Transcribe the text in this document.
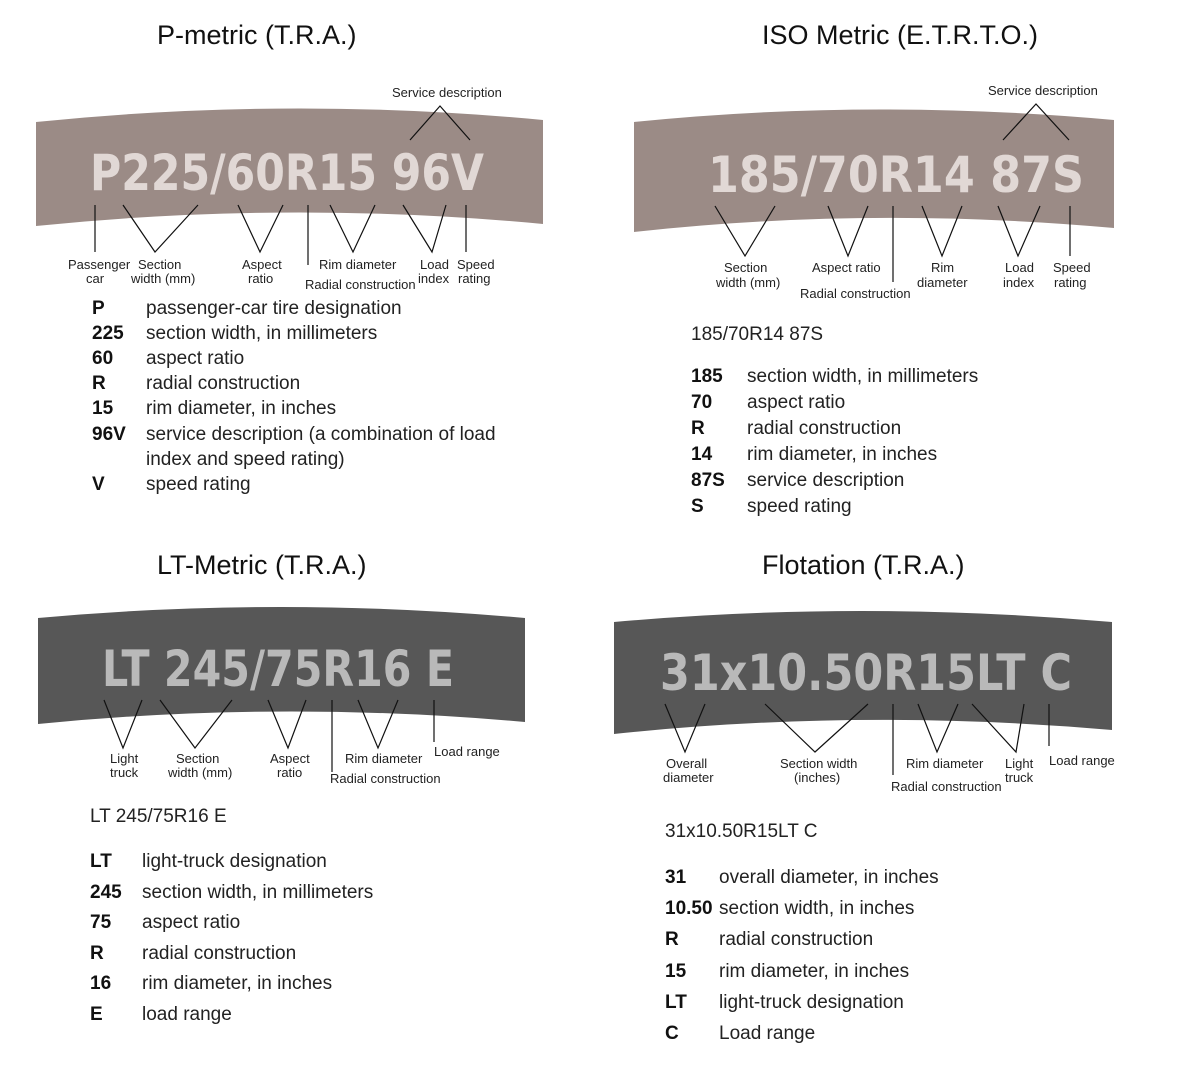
P-metric (T.R.A.)	ISO Metric (E.T.R.T.O.)
LT-Metric (T.R.A.)	Flotation (T.R.A.)
P225/60R15 96V
Service description
Passenger
car
Section
width (mm)
Aspect
ratio
Rim diameter
Radial construction
Load
index
Speed
rating
185/70R14 87S
Service description
Section
width (mm)
Aspect ratio
Radial construction
Rim
diameter
Load
index
Speed
rating
LT 245/75R16 E
Light
truck
Section
width (mm)
Aspect
ratio
Rim diameter
Radial construction
Load range
31x10.50R15LT C
Overall
diameter
Section width
(inches)
Rim diameter
Radial construction
Light
truck
Load range
P passenger-car tire designation
225 section width, in millimeters
60 aspect ratio
R radial construction
15 rim diameter, in inches
96V service description (a combination of load
index and speed rating)
V speed rating
185/70R14 87S
185 section width, in millimeters
70 aspect ratio
R radial construction
14 rim diameter, in inches
87S service description
S speed rating
LT 245/75R16 E
LT light-truck designation
245 section width, in millimeters
75 aspect ratio
R radial construction
16 rim diameter, in inches
E load range
31x10.50R15LT C
31 overall diameter, in inches
10.50 section width, in inches
R radial construction
15 rim diameter, in inches
LT light-truck designation
C Load range
